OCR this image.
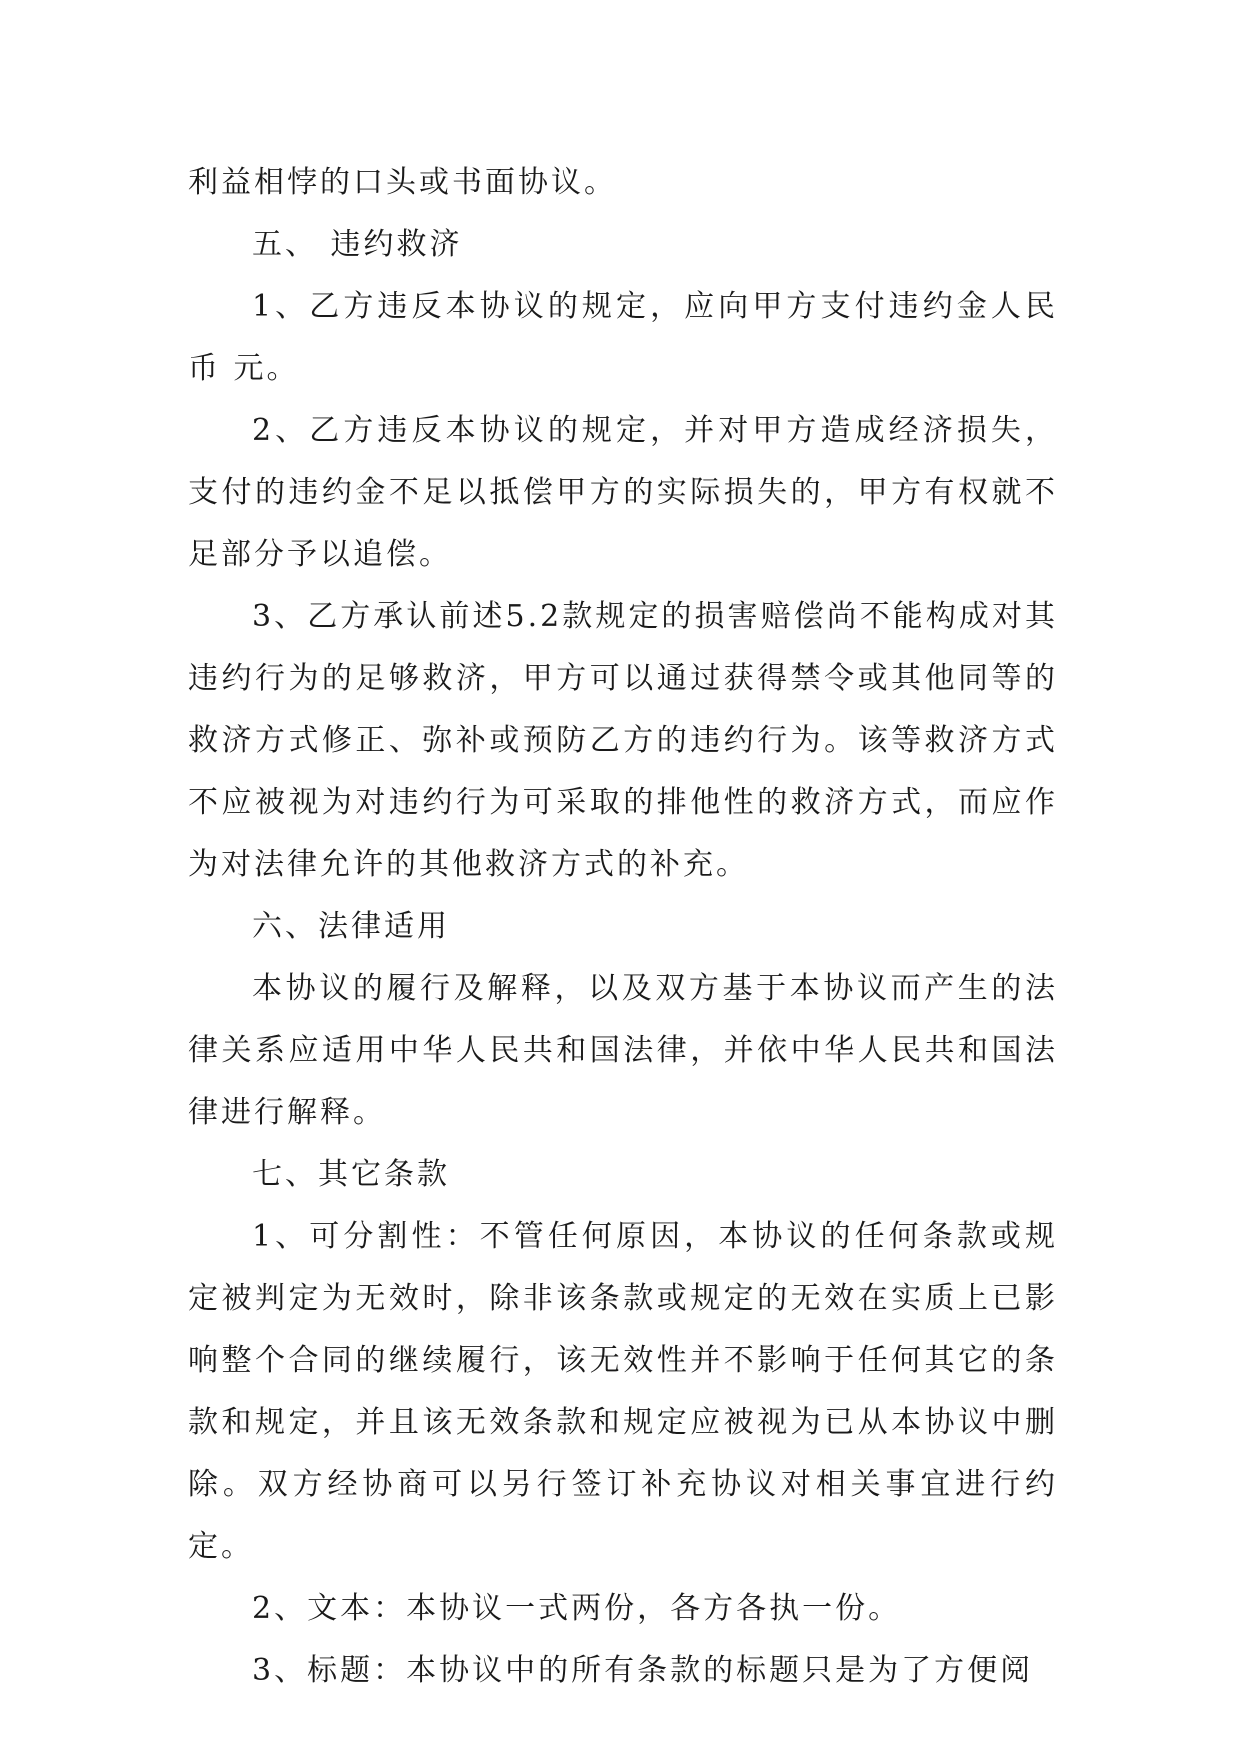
利益相悖的口头或书面协议。

五、 违约救济

1、乙方违反本协议的规定，应向甲方支付违约金人民币 元。

2、乙方违反本协议的规定，并对甲方造成经济损失，支付的违约金不足以抵偿甲方的实际损失的，甲方有权就不足部分予以追偿。

3、乙方承认前述5.2款规定的损害赔偿尚不能构成对其违约行为的足够救济，甲方可以通过获得禁令或其他同等的救济方式修正、弥补或预防乙方的违约行为。该等救济方式不应被视为对违约行为可采取的排他性的救济方式，而应作为对法律允许的其他救济方式的补充。

六、法律适用

本协议的履行及解释，以及双方基于本协议而产生的法律关系应适用中华人民共和国法律，并依中华人民共和国法律进行解释。

七、其它条款

1、可分割性：不管任何原因，本协议的任何条款或规定被判定为无效时，除非该条款或规定的无效在实质上已影响整个合同的继续履行，该无效性并不影响于任何其它的条款和规定，并且该无效条款和规定应被视为已从本协议中删除。双方经协商可以另行签订补充协议对相关事宜进行约定。

2、文本：本协议一式两份，各方各执一份。

3、标题：本协议中的所有条款的标题只是为了方便阅
